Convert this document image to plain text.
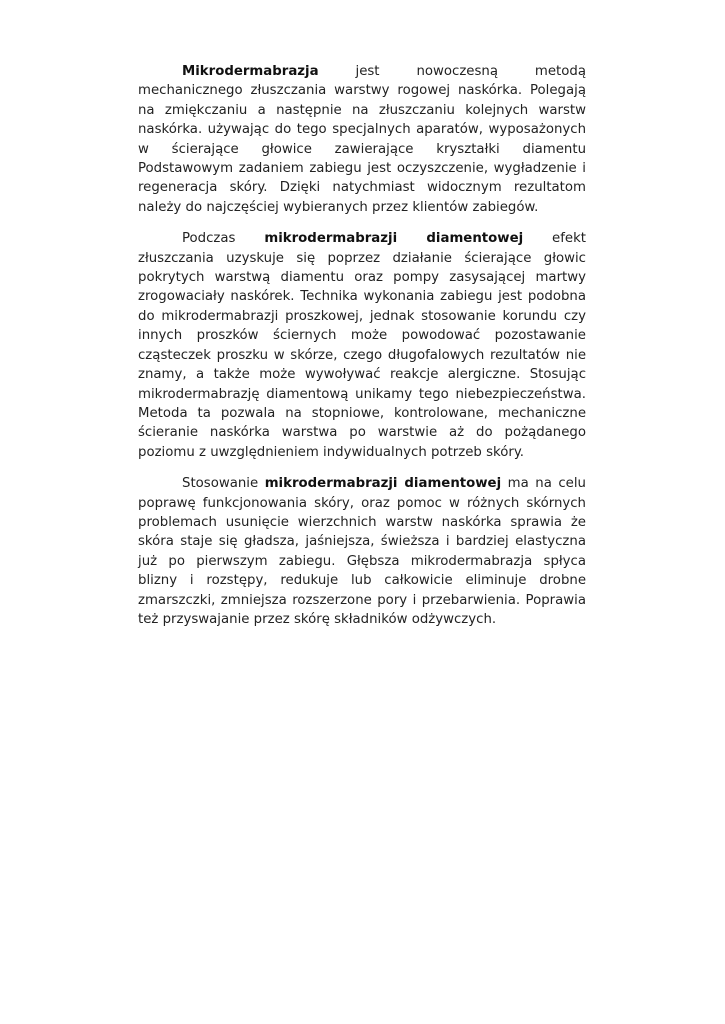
Mikrodermabrazja jest nowoczesną metodą mechanicznego złuszczania warstwy rogowej naskórka. Polegają na zmiękczaniu a następnie na złuszczaniu kolejnych warstw naskórka. używając do tego specjalnych aparatów, wyposażonych w ścierające głowice zawierające kryształki diamentu Podstawowym zadaniem zabiegu jest oczyszczenie, wygładzenie i regeneracja skóry. Dzięki natychmiast widocznym rezultatom należy do najczęściej wybieranych przez klientów zabiegów.

Podczas mikrodermabrazji diamentowej efekt złuszczania uzyskuje się poprzez działanie ścierające głowic pokrytych warstwą diamentu oraz pompy zasysającej martwy zrogowaciały naskórek. Technika wykonania zabiegu jest podobna do mikrodermabrazji proszkowej, jednak stosowanie korundu czy innych proszków ściernych może powodować pozostawanie cząsteczek proszku w skórze, czego długofalowych rezultatów nie znamy, a także może wywoływać reakcje alergiczne. Stosując mikrodermabrazję diamentową unikamy tego niebezpieczeństwa. Metoda ta pozwala na stopniowe, kontrolowane, mechaniczne ścieranie naskórka warstwa po warstwie aż do pożądanego poziomu z uwzględnieniem indywidualnych potrzeb skóry.

Stosowanie mikrodermabrazji diamentowej ma na celu poprawę funkcjonowania skóry, oraz pomoc w różnych skórnych problemach usunięcie wierzchnich warstw naskórka sprawia że skóra staje się gładsza, jaśniejsza, świeższa i bardziej elastyczna już po pierwszym zabiegu. Głębsza mikrodermabrazja spłyca blizny i rozstępy, redukuje lub całkowicie eliminuje drobne zmarszczki, zmniejsza rozszerzone pory i przebarwienia. Poprawia też przyswajanie przez skórę składników odżywczych.
